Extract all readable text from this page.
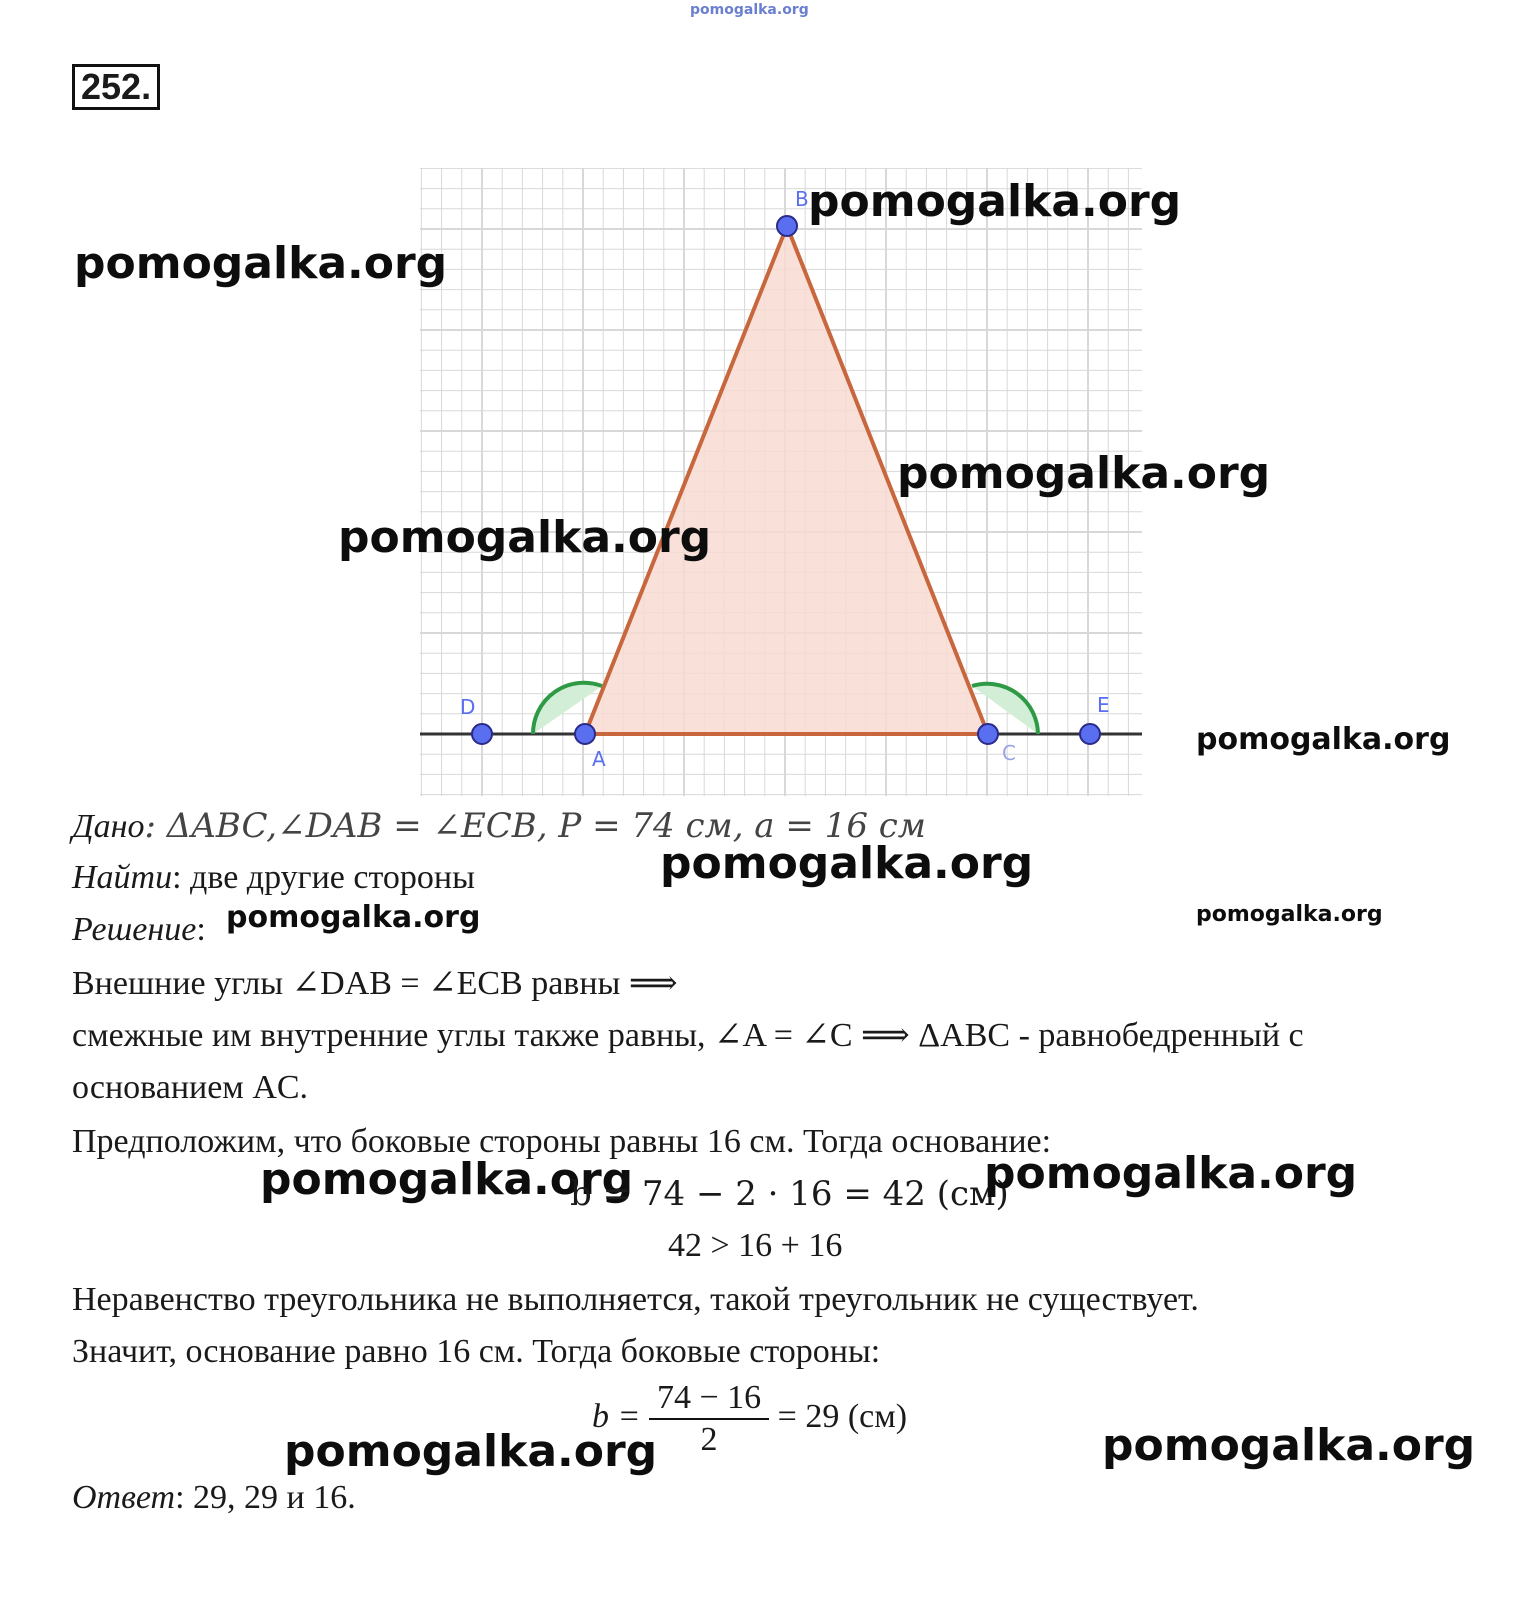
pomogalka.org
252.
B
D
A	C
E
pomogalka.org
pomogalka.org
pomogalka.org
pomogalka.org
pomogalka.org
Дано: ΔABC,∠DAB = ∠ECB, P = 74 см, a = 16 см
pomogalka.org
Найти: две другие стороны
Решение: pomogalka.org	pomogalka.org
Внешние углы ∠DAB = ∠ECB равны ⟹
смежные им внутренние углы также равны, ∠A = ∠C ⟹ ΔABC - равнобедренный с
основанием AC.
Предположим, что боковые стороны равны 16 см. Тогда основание:
pomogalka.org
b = 74 − 2 · 16 = 42 (см)
pomogalka.org
42 > 16 + 16
Неравенство треугольника не выполняется, такой треугольник не существует.
Значит, основание равно 16 см. Тогда боковые стороны:
$b = \frac{74 - 16}{2} = 29$ (см)
pomogalka.org	pomogalka.org
Ответ: 29, 29 и 16.
